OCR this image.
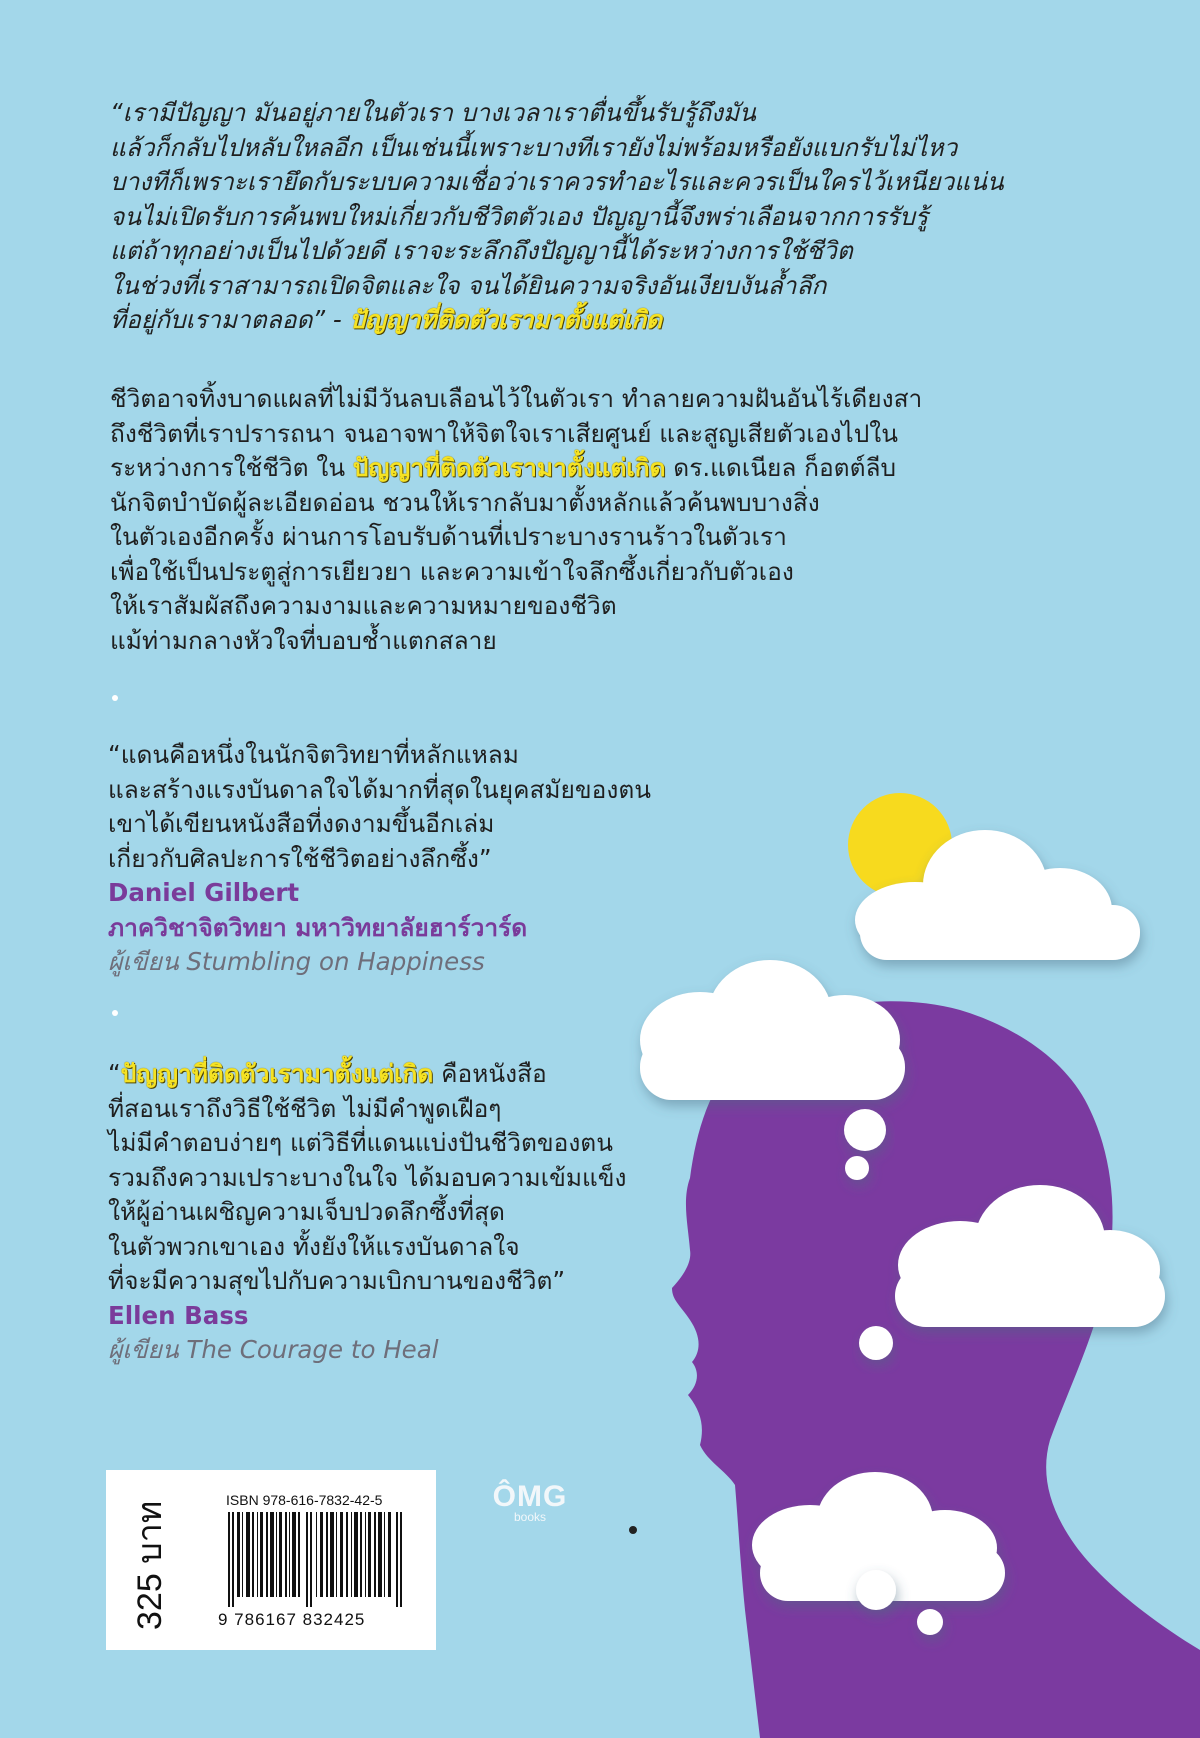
“เรามีปัญญา มันอยู่ภายในตัวเรา บางเวลาเราตื่นขึ้นรับรู้ถึงมัน
แล้วก็กลับไปหลับใหลอีก เป็นเช่นนี้เพราะบางทีเรายังไม่พร้อมหรือยังแบกรับไม่ไหว
บางทีก็เพราะเรายึดกับระบบความเชื่อว่าเราควรทำอะไรและควรเป็นใครไว้เหนียวแน่น
จนไม่เปิดรับการค้นพบใหม่เกี่ยวกับชีวิตตัวเอง ปัญญานี้จึงพร่าเลือนจากการรับรู้
แต่ถ้าทุกอย่างเป็นไปด้วยดี เราจะระลึกถึงปัญญานี้ได้ระหว่างการใช้ชีวิต
ในช่วงที่เราสามารถเปิดจิตและใจ จนได้ยินความจริงอันเงียบงันล้ำลึก
ที่อยู่กับเรามาตลอด” - ปัญญาที่ติดตัวเรามาตั้งแต่เกิด
ชีวิตอาจทิ้งบาดแผลที่ไม่มีวันลบเลือนไว้ในตัวเรา ทำลายความฝันอันไร้เดียงสา
ถึงชีวิตที่เราปรารถนา จนอาจพาให้จิตใจเราเสียศูนย์ และสูญเสียตัวเองไปใน
ระหว่างการใช้ชีวิต ใน ปัญญาที่ติดตัวเรามาตั้งแต่เกิด ดร.แดเนียล ก็อตต์ลีบ
นักจิตบำบัดผู้ละเอียดอ่อน ชวนให้เรากลับมาตั้งหลักแล้วค้นพบบางสิ่ง
ในตัวเองอีกครั้ง ผ่านการโอบรับด้านที่เปราะบางรานร้าวในตัวเรา
เพื่อใช้เป็นประตูสู่การเยียวยา และความเข้าใจลึกซึ้งเกี่ยวกับตัวเอง
ให้เราสัมผัสถึงความงามและความหมายของชีวิต
แม้ท่ามกลางหัวใจที่บอบช้ำแตกสลาย
“แดนคือหนึ่งในนักจิตวิทยาที่หลักแหลม
และสร้างแรงบันดาลใจได้มากที่สุดในยุคสมัยของตน
เขาได้เขียนหนังสือที่งดงามขึ้นอีกเล่ม
เกี่ยวกับศิลปะการใช้ชีวิตอย่างลึกซึ้ง”
Daniel Gilbert
ภาควิชาจิตวิทยา มหาวิทยาลัยฮาร์วาร์ด
ผู้เขียน Stumbling on Happiness
“ปัญญาที่ติดตัวเรามาตั้งแต่เกิด คือหนังสือ
ที่สอนเราถึงวิธีใช้ชีวิต ไม่มีคำพูดเฝือๆ
ไม่มีคำตอบง่ายๆ แต่วิธีที่แดนแบ่งปันชีวิตของตน
รวมถึงความเปราะบางในใจ ได้มอบความเข้มแข็ง
ให้ผู้อ่านเผชิญความเจ็บปวดลึกซึ้งที่สุด
ในตัวพวกเขาเอง ทั้งยังให้แรงบันดาลใจ
ที่จะมีความสุขไปกับความเบิกบานของชีวิต”
Ellen Bass
ผู้เขียน The Courage to Heal
325 บาท
ISBN 978-616-7832-42-5
9 786167 832425
ÔMG
books
